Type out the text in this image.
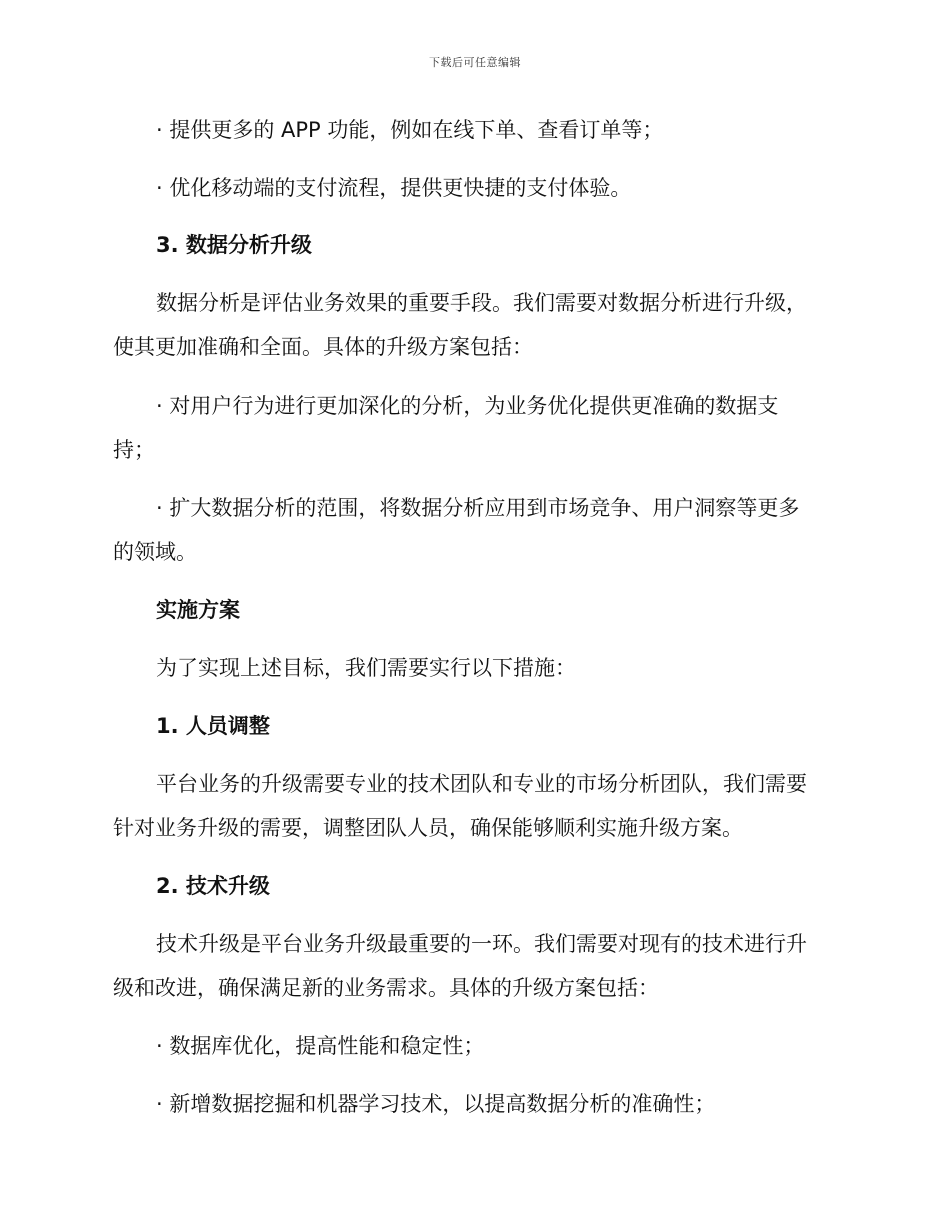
下载后可任意编辑
· 提供更多的 APP 功能，例如在线下单、查看订单等；
· 优化移动端的支付流程，提供更快捷的支付体验。
3. 数据分析升级
数据分析是评估业务效果的重要手段。我们需要对数据分析进行升级，
使其更加准确和全面。具体的升级方案包括：
· 对用户行为进行更加深化的分析，为业务优化提供更准确的数据支
持；
· 扩大数据分析的范围，将数据分析应用到市场竞争、用户洞察等更多
的领域。
实施方案
为了实现上述目标，我们需要实行以下措施：
1. 人员调整
平台业务的升级需要专业的技术团队和专业的市场分析团队，我们需要
针对业务升级的需要，调整团队人员，确保能够顺利实施升级方案。
2. 技术升级
技术升级是平台业务升级最重要的一环。我们需要对现有的技术进行升
级和改进，确保满足新的业务需求。具体的升级方案包括：
· 数据库优化，提高性能和稳定性；
· 新增数据挖掘和机器学习技术，以提高数据分析的准确性；
